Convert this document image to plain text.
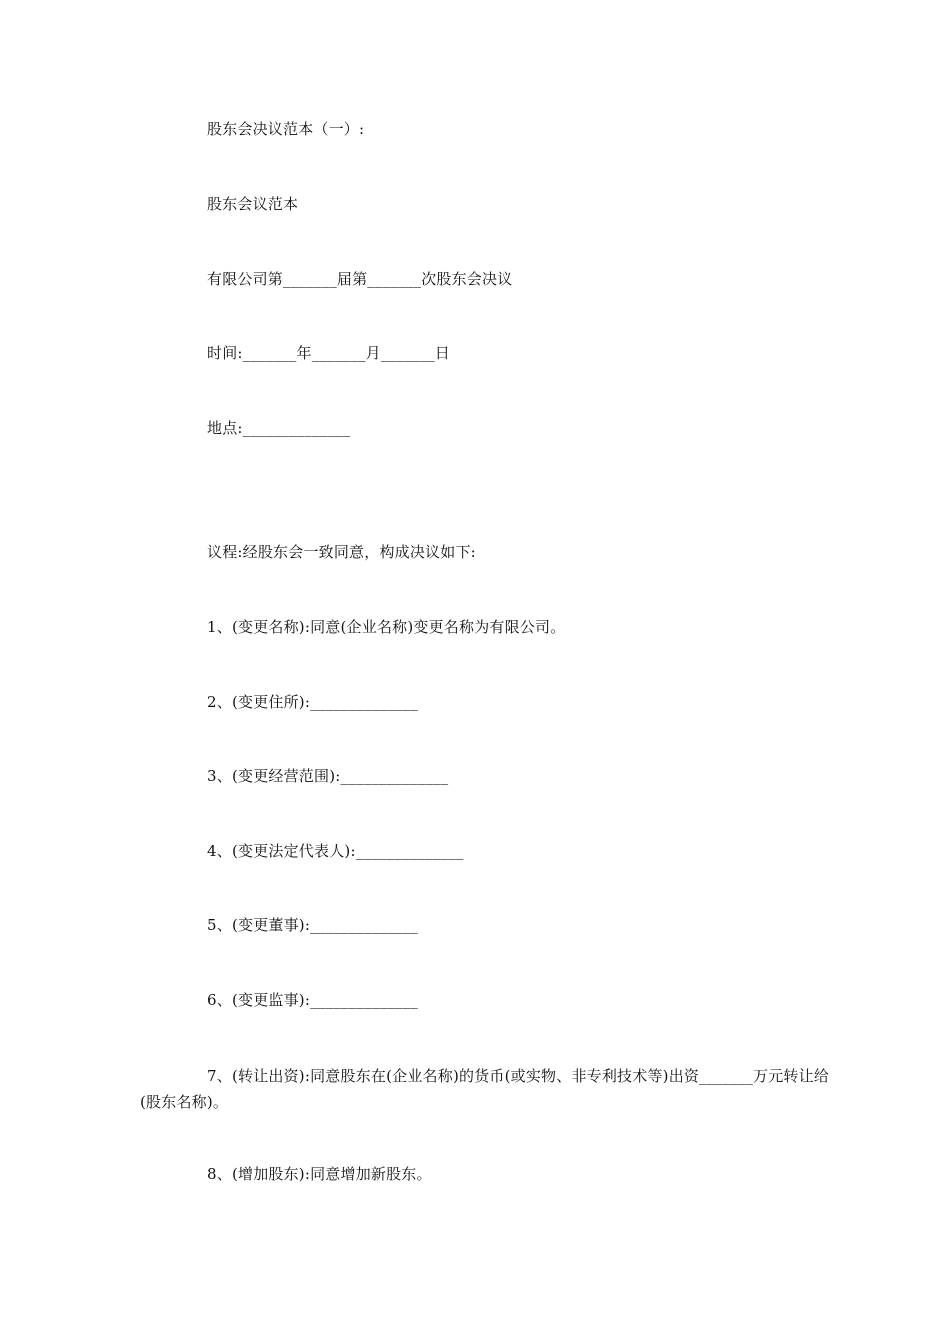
股东会决议范本（一）:
股东会议范本
有限公司第_______届第_______次股东会决议
时间:_______年_______月_______日
地点:______________
议程:经股东会一致同意，构成决议如下:
1、(变更名称):同意(企业名称)变更名称为有限公司。
2、(变更住所):______________
3、(变更经营范围):______________
4、(变更法定代表人):______________
5、(变更董事):______________
6、(变更监事):______________
7、(转让出资):同意股东在(企业名称)的货币(或实物、非专利技术等)出资_______万元转让给(股东名称)。
8、(增加股东):同意增加新股东。
